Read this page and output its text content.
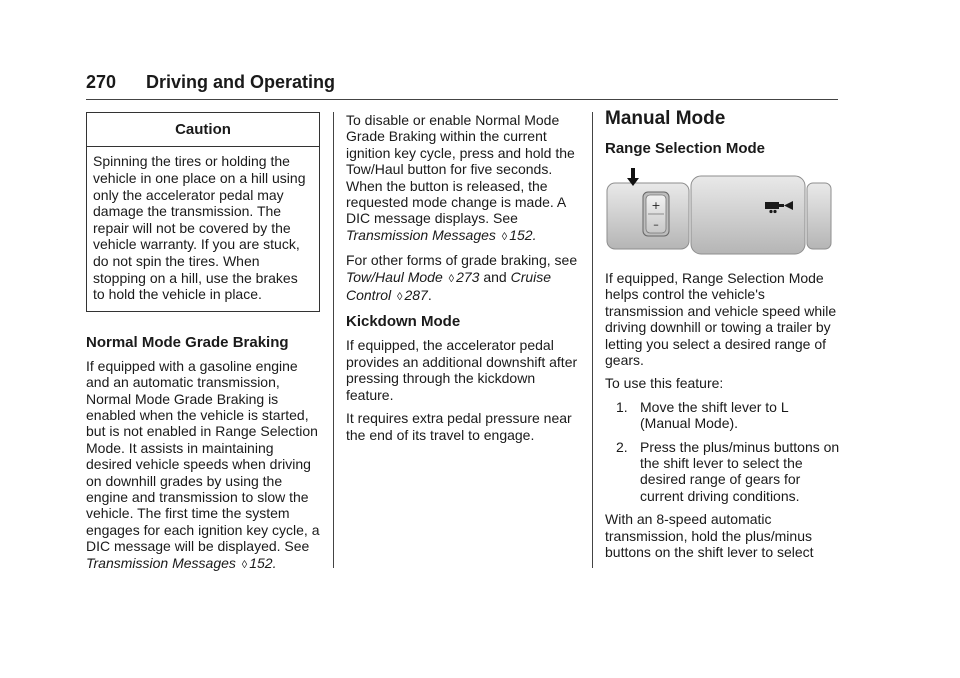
270 Driving and Operating
Caution
Spinning the tires or holding the vehicle in one place on a hill using only the accelerator pedal may damage the transmission. The repair will not be covered by the vehicle warranty. If you are stuck, do not spin the tires. When stopping on a hill, use the brakes to hold the vehicle in place.
Normal Mode Grade Braking

If equipped with a gasoline engine and an automatic transmission, Normal Mode Grade Braking is enabled when the vehicle is started, but is not enabled in Range Selection Mode. It assists in maintaining desired vehicle speeds when driving on downhill grades by using the engine and transmission to slow the vehicle. The first time the system engages for each ignition key cycle, a DIC message will be displayed. See Transmission Messages ◊ 152.

To disable or enable Normal Mode Grade Braking within the current ignition key cycle, press and hold the Tow/Haul button for five seconds. When the button is released, the requested mode change is made. A DIC message displays. See Transmission Messages ◊ 152.

For other forms of grade braking, see Tow/Haul Mode ◊ 273 and Cruise Control ◊ 287.

Kickdown Mode

If equipped, the accelerator pedal provides an additional downshift after pressing through the kickdown feature.

It requires extra pedal pressure near the end of its travel to engage.

Manual Mode
Range Selection Mode
+
–

If equipped, Range Selection Mode helps control the vehicle's transmission and vehicle speed while driving downhill or towing a trailer by letting you select a desired range of gears.

To use this feature:

1. Move the shift lever to L (Manual Mode).
2. Press the plus/minus buttons on the shift lever to select the desired range of gears for current driving conditions.

With an 8-speed automatic transmission, hold the plus/minus buttons on the shift lever to select
